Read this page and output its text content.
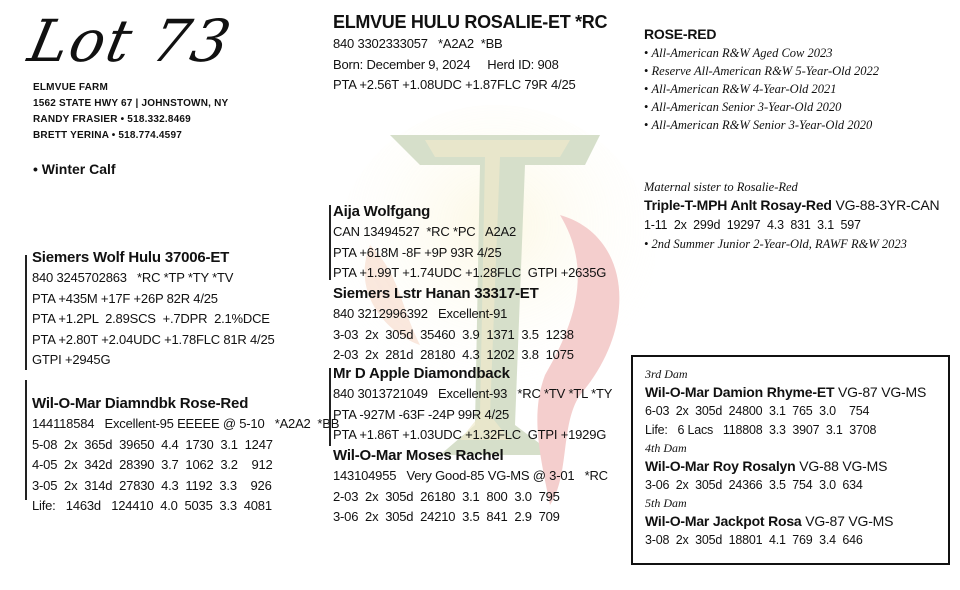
Lot 73
ELMVUE FARM
1562 STATE HWY 67 | JOHNSTOWN, NY
RANDY FRASIER • 518.332.8469
BRETT YERINA • 518.774.4597
• Winter Calf
ELMVUE HULU ROSALIE-ET *RC
840 3302333057   *A2A2  *BB
Born: December 9, 2024     Herd ID: 908
PTA +2.56T +1.08UDC +1.87FLC 79R 4/25
ROSE-RED
• All-American R&W Aged Cow 2023
• Reserve All-American R&W 5-Year-Old 2022
• All-American R&W 4-Year-Old 2021
• All-American Senior 3-Year-Old 2020
• All-American R&W Senior 3-Year-Old 2020
Maternal sister to Rosalie-Red
Triple-T-MPH Anlt Rosay-Red VG-88-3YR-CAN
1-11  2x  299d  19297  4.3  831  3.1  597
• 2nd Summer Junior 2-Year-Old, RAWF R&W 2023
Siemers Wolf Hulu 37006-ET
840 3245702863   *RC *TP *TY *TV
PTA +435M +17F +26P 82R 4/25
PTA +1.2PL  2.89SCS  +.7DPR  2.1%DCE
PTA +2.80T +2.04UDC +1.78FLC 81R 4/25
GTPI +2945G
Wil-O-Mar Diamndbk Rose-Red
144118584   Excellent-95 EEEEE @ 5-10   *A2A2  *BB
5-08  2x  365d  39650  4.4  1730  3.1  1247
4-05  2x  342d  28390  3.7  1062  3.2    912
3-05  2x  314d  27830  4.3  1192  3.3    926
Life:   1463d   124410  4.0  5035  3.3  4081
Aija Wolfgang
CAN 13494527  *RC *PC   A2A2
PTA +618M -8F +9P 93R 4/25
PTA +1.99T +1.74UDC +1.28FLC  GTPI +2635G
Siemers Lstr Hanan 33317-ET
840 3212996392   Excellent-91
3-03  2x  305d  35460  3.9  1371  3.5  1238
2-03  2x  281d  28180  4.3  1202  3.8  1075
Mr D Apple Diamondback
840 3013721049   Excellent-93   *RC *TV *TL *TY
PTA -927M -63F -24P 99R 4/25
PTA +1.86T +1.03UDC +1.32FLC  GTPI +1929G
Wil-O-Mar Moses Rachel
143104955   Very Good-85 VG-MS @ 3-01   *RC
2-03  2x  305d  26180  3.1  800  3.0  795
3-06  2x  305d  24210  3.5  841  2.9  709
3rd Dam
Wil-O-Mar Damion Rhyme-ET VG-87 VG-MS
6-03  2x  305d  24800  3.1  765  3.0    754
Life:   6 Lacs   118808  3.3  3907  3.1  3708
4th Dam
Wil-O-Mar Roy Rosalyn VG-88 VG-MS
3-06  2x  305d  24366  3.5  754  3.0  634
5th Dam
Wil-O-Mar Jackpot Rosa VG-87 VG-MS
3-08  2x  305d  18801  4.1  769  3.4  646
